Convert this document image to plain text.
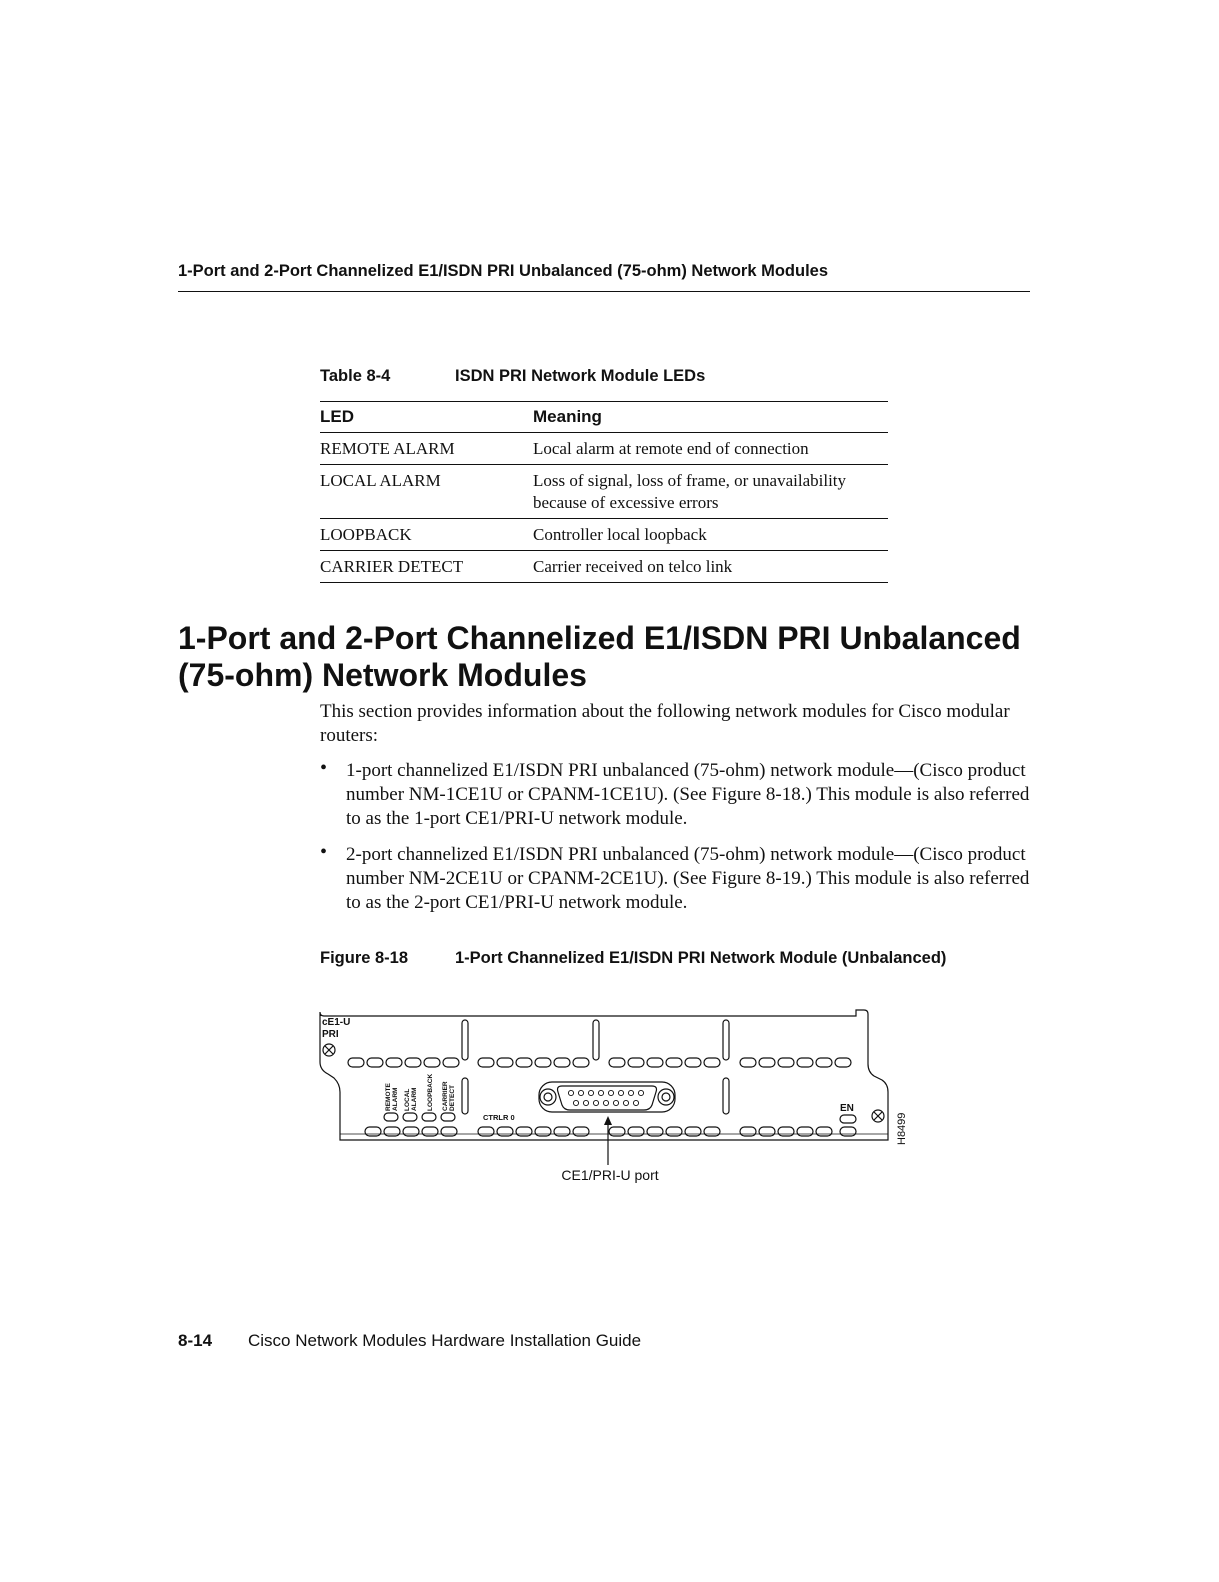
1-Port and 2-Port Channelized E1/ISDN PRI Unbalanced (75-ohm) Network Modules
Table 8-4	ISDN PRI Network Module LEDs
LED	Meaning
REMOTE ALARM	Local alarm at remote end of connection
LOCAL ALARM	Loss of signal, loss of frame, or unavailability because of excessive errors
LOOPBACK	Controller local loopback
CARRIER DETECT	Carrier received on telco link
1-Port and 2-Port Channelized E1/ISDN PRI Unbalanced (75-ohm) Network Modules

This section provides information about the following network modules for Cisco modular routers:

• 1-port channelized E1/ISDN PRI unbalanced (75-ohm) network module—(Cisco product number NM-1CE1U or CPANM-1CE1U). (See Figure 8-18.) This module is also referred to as the 1-port CE1/PRI-U network module.
• 2-port channelized E1/ISDN PRI unbalanced (75-ohm) network module—(Cisco product number NM-2CE1U or CPANM-2CE1U). (See Figure 8-19.) This module is also referred to as the 2-port CE1/PRI-U network module.
Figure 8-18	1-Port Channelized E1/ISDN PRI Network Module (Unbalanced)
cE1-U
PRI
REMOTEALARM LOCALALARM LOOPBACK CARRIERDETECT
CTRLR 0
EN
H8499
CE1/PRI-U port
8-14 Cisco Network Modules Hardware Installation Guide
